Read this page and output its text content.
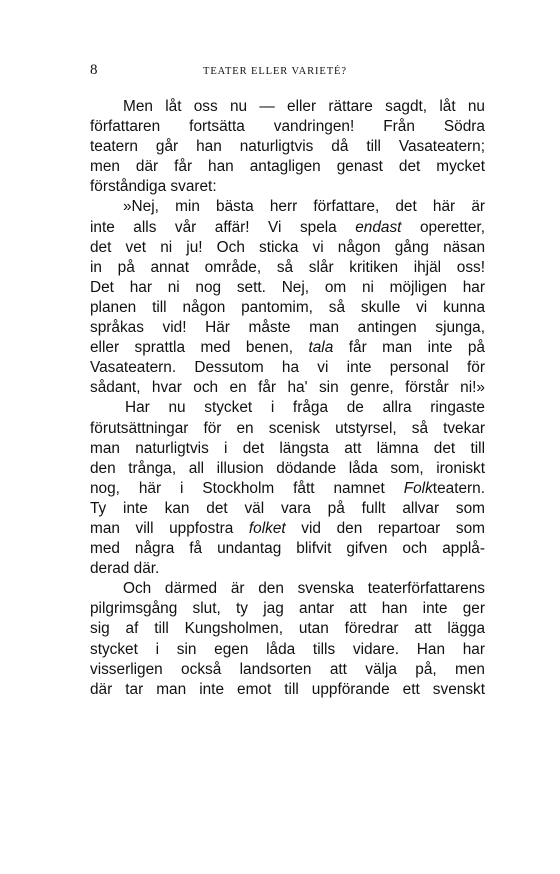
8	TEATER ELLER VARIETÉ?
Men låt oss nu — eller rättare sagdt, låt nu
författaren fortsätta vandringen! Från Södra
teatern går han naturligtvis då till Vasateatern;
men där får han antagligen genast det mycket
förståndiga svaret:
»Nej, min bästa herr författare, det här är
inte alls vår affär! Vi spela endast operetter,
det vet ni ju! Och sticka vi någon gång näsan
in på annat område, så slår kritiken ihjäl oss!
Det har ni nog sett. Nej, om ni möjligen har
planen till någon pantomim, så skulle vi kunna
språkas vid! Här måste man antingen sjunga,
eller sprattla med benen, tala får man inte på
Vasateatern. Dessutom ha vi inte personal för
sådant, hvar och en får ha' sin genre, förstår ni!»
Har nu stycket i fråga de allra ringaste
förutsättningar för en scenisk utstyrsel, så tvekar
man naturligtvis i det längsta att lämna det till
den trånga, all illusion dödande låda som, ironiskt
nog, här i Stockholm fått namnet Folkteatern.
Ty inte kan det väl vara på fullt allvar som
man vill uppfostra folket vid den repartoar som
med några få undantag blifvit gifven och applå-
derad där.
Och därmed är den svenska teaterförfattarens
pilgrimsgång slut, ty jag antar att han inte ger
sig af till Kungsholmen, utan föredrar att lägga
stycket i sin egen låda tills vidare. Han har
visserligen också landsorten att välja på, men
där tar man inte emot till uppförande ett svenskt
